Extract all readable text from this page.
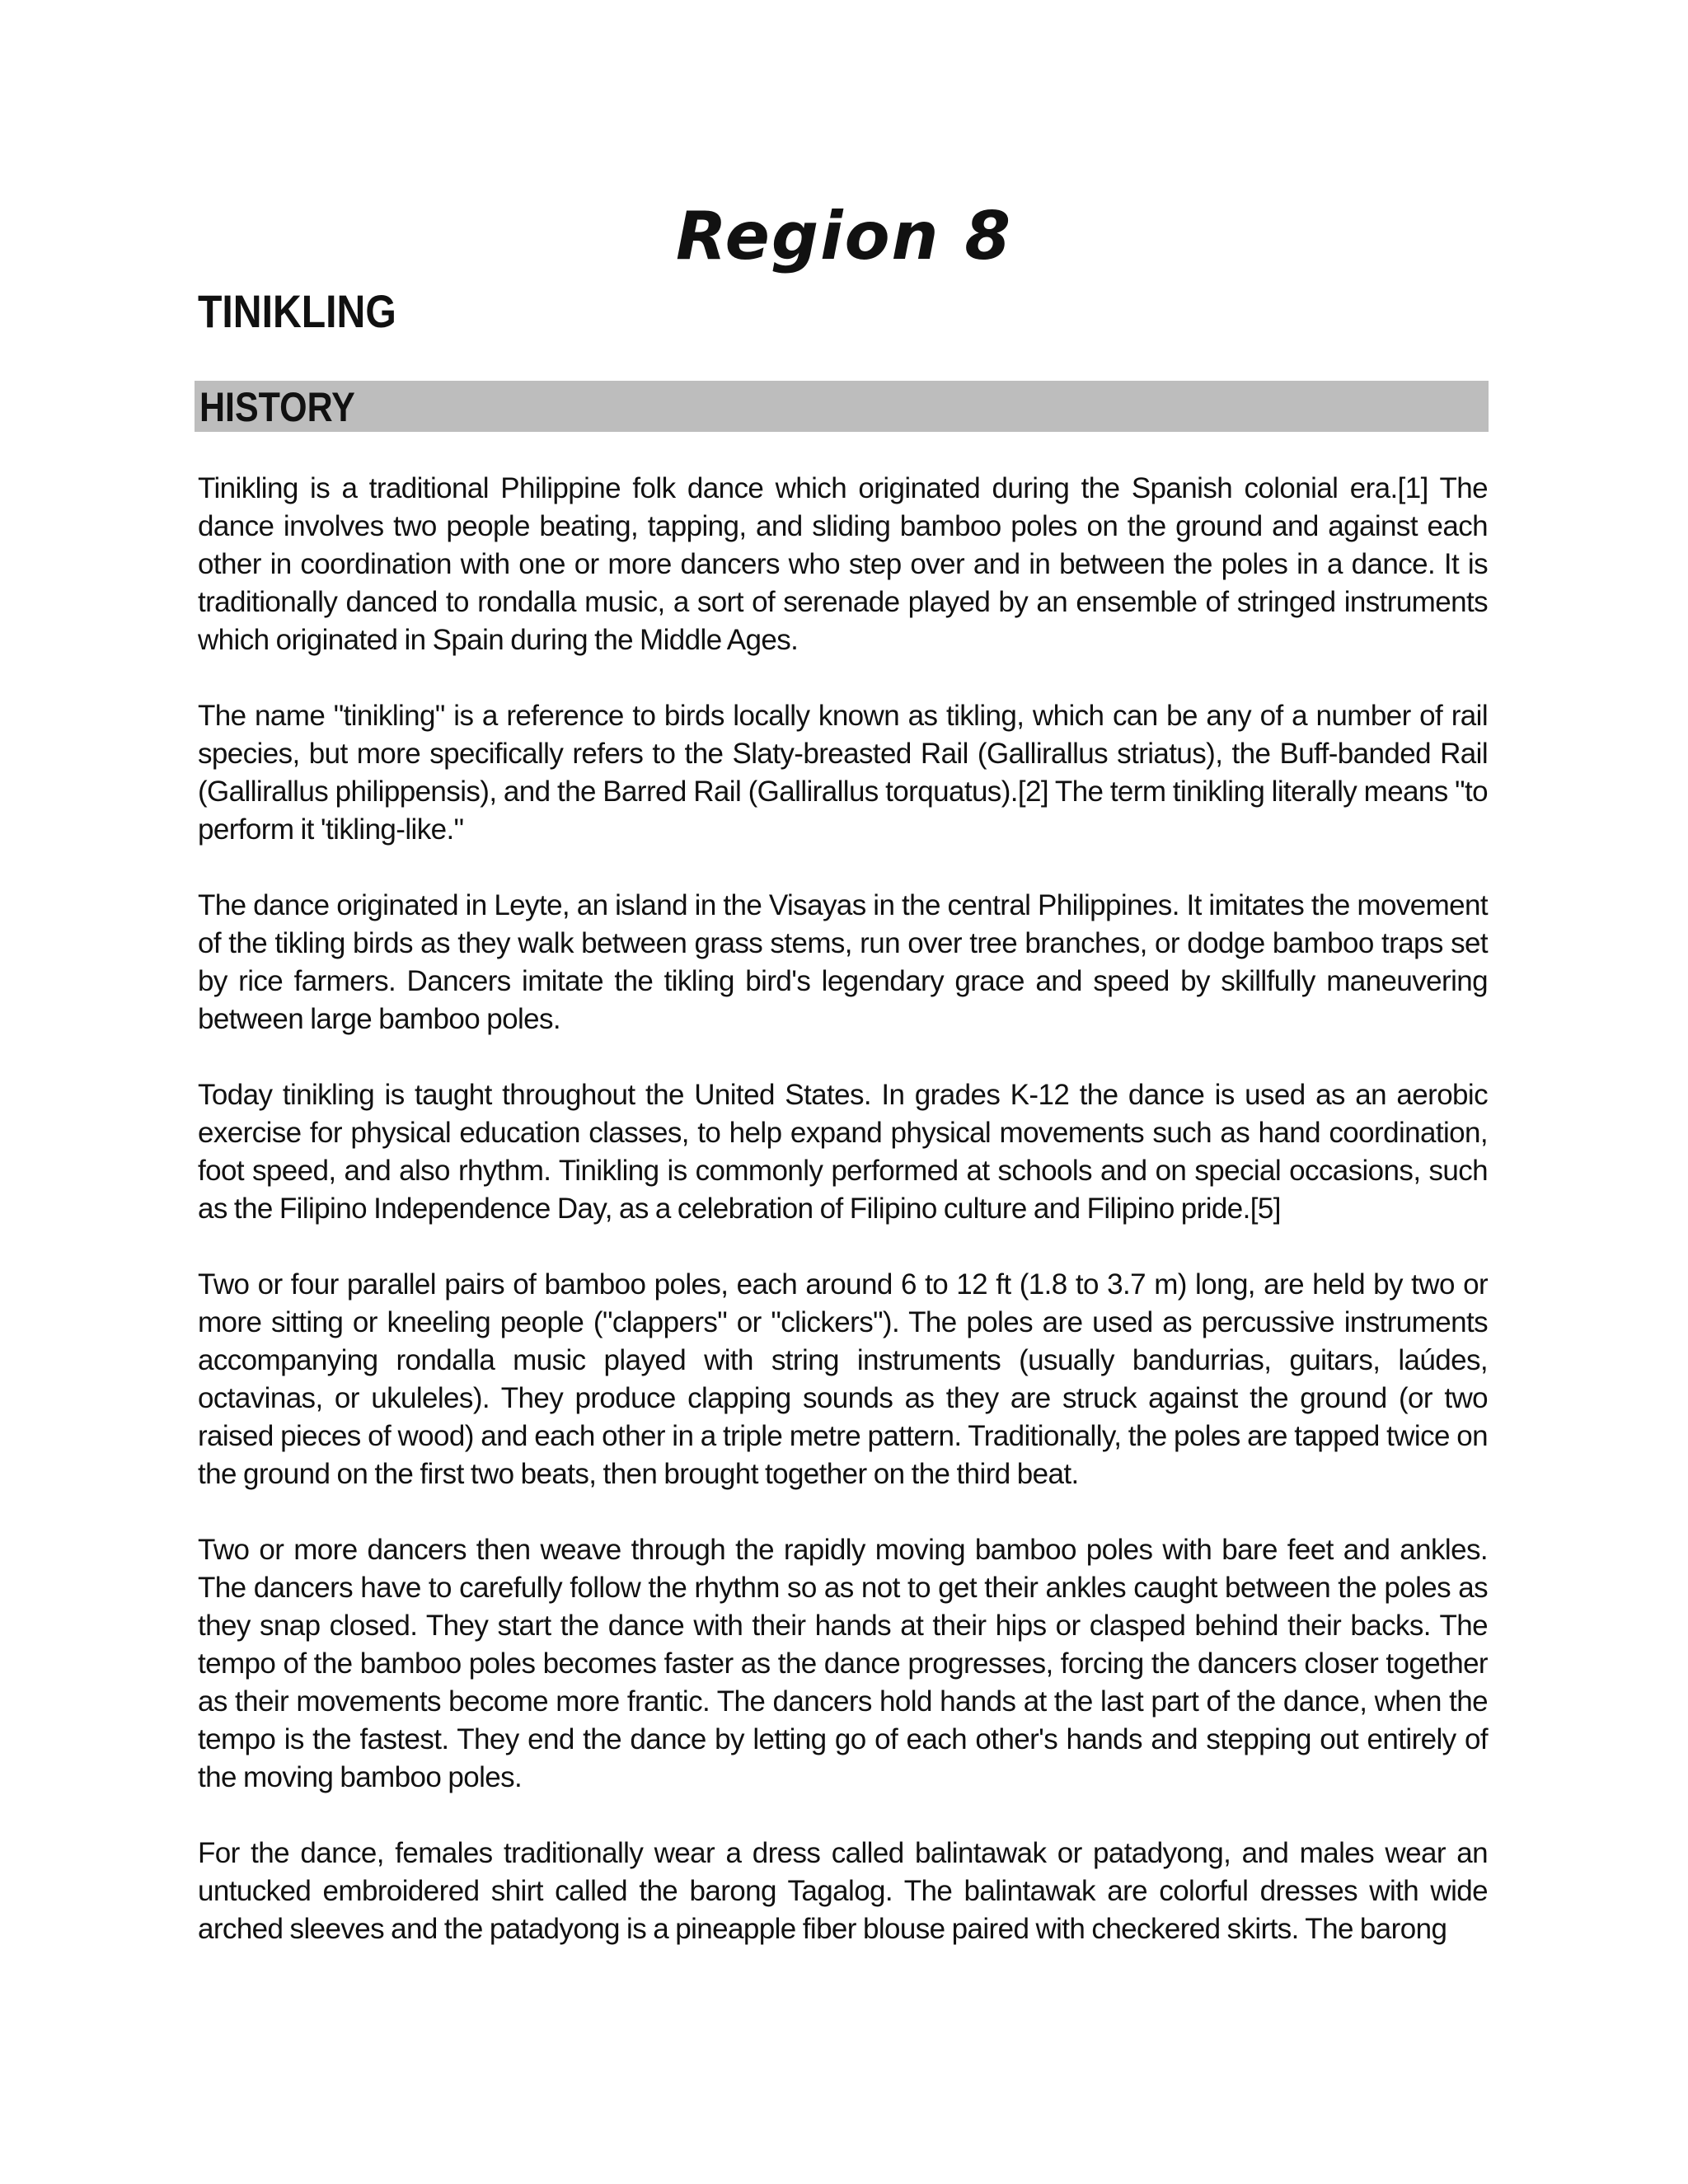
Region 8
TINIKLING
HISTORY

Tinikling is a traditional Philippine folk dance which originated during the Spanish colonial era.[1] The dance involves two people beating, tapping, and sliding bamboo poles on the ground and against each other in coordination with one or more dancers who step over and in between the poles in a dance. It is traditionally danced to rondalla music, a sort of serenade played by an ensemble of stringed instruments which originated in Spain during the Middle Ages.

The name "tinikling" is a reference to birds locally known as tikling, which can be any of a number of rail species, but more specifically refers to the Slaty-breasted Rail (Gallirallus striatus), the Buff-banded Rail (Gallirallus philippensis), and the Barred Rail (Gallirallus torquatus).[2] The term tinikling literally means "to perform it 'tikling-like."

The dance originated in Leyte, an island in the Visayas in the central Philippines. It imitates the movement of the tikling birds as they walk between grass stems, run over tree branches, or dodge bamboo traps set by rice farmers. Dancers imitate the tikling bird's legendary grace and speed by skillfully maneuvering between large bamboo poles.

Today tinikling is taught throughout the United States. In grades K-12 the dance is used as an aerobic exercise for physical education classes, to help expand physical movements such as hand coordination, foot speed, and also rhythm. Tinikling is commonly performed at schools and on special occasions, such as the Filipino Independence Day, as a celebration of Filipino culture and Filipino pride.[5]

Two or four parallel pairs of bamboo poles, each around 6 to 12 ft (1.8 to 3.7 m) long, are held by two or more sitting or kneeling people ("clappers" or "clickers"). The poles are used as percussive instruments accompanying rondalla music played with string instruments (usually bandurrias, guitars, laúdes, octavinas, or ukuleles). They produce clapping sounds as they are struck against the ground (or two raised pieces of wood) and each other in a triple metre pattern. Traditionally, the poles are tapped twice on the ground on the first two beats, then brought together on the third beat.

Two or more dancers then weave through the rapidly moving bamboo poles with bare feet and ankles. The dancers have to carefully follow the rhythm so as not to get their ankles caught between the poles as they snap closed. They start the dance with their hands at their hips or clasped behind their backs. The tempo of the bamboo poles becomes faster as the dance progresses, forcing the dancers closer together as their movements become more frantic. The dancers hold hands at the last part of the dance, when the tempo is the fastest. They end the dance by letting go of each other's hands and stepping out entirely of the moving bamboo poles.

For the dance, females traditionally wear a dress called balintawak or patadyong, and males wear an untucked embroidered shirt called the barong Tagalog. The balintawak are colorful dresses with wide arched sleeves and the patadyong is a pineapple fiber blouse paired with checkered skirts. The barong
